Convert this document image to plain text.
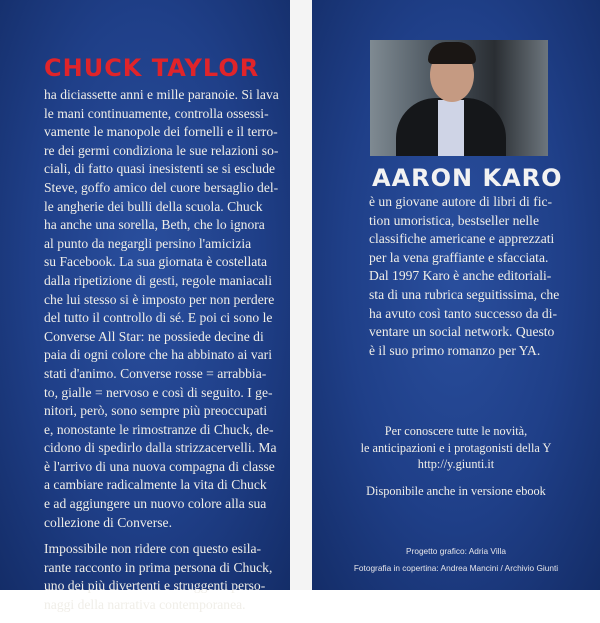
CHUCK TAYLOR
ha diciassette anni e mille paranoie. Si lava
le mani continuamente, controlla ossessi-
vamente le manopole dei fornelli e il terro-
re dei germi condiziona le sue relazioni so-
ciali, di fatto quasi inesistenti se si esclude
Steve, goffo amico del cuore bersaglio del-
le angherie dei bulli della scuola. Chuck
ha anche una sorella, Beth, che lo ignora
al punto da negargli persino l'amicizia
su Facebook. La sua giornata è costellata
dalla ripetizione di gesti, regole maniacali
che lui stesso si è imposto per non perdere
del tutto il controllo di sé. E poi ci sono le
Converse All Star: ne possiede decine di
paia di ogni colore che ha abbinato ai vari
stati d'animo. Converse rosse = arrabbia-
to, gialle = nervoso e così di seguito. I ge-
nitori, però, sono sempre più preoccupati
e, nonostante le rimostranze di Chuck, de-
cidono di spedirlo dalla strizzacervelli. Ma
è l'arrivo di una nuova compagna di classe
a cambiare radicalmente la vita di Chuck
e ad aggiungere un nuovo colore alla sua
collezione di Converse.
Impossibile non ridere con questo esila-
rante racconto in prima persona di Chuck,
uno dei più divertenti e struggenti perso-
naggi della narrativa contemporanea.
AARON KARO
è un giovane autore di libri di fic-
tion umoristica, bestseller nelle
classifiche americane e apprezzati
per la vena graffiante e sfacciata.
Dal 1997 Karo è anche editoriali-
sta di una rubrica seguitissima, che
ha avuto così tanto successo da di-
ventare un social network. Questo
è il suo primo romanzo per YA.
Per conoscere tutte le novità,
le anticipazioni e i protagonisti della Y
http://y.giunti.it
Disponibile anche in versione ebook
Progetto grafico: Adria Villa
Fotografia in copertina: Andrea Mancini / Archivio Giunti
